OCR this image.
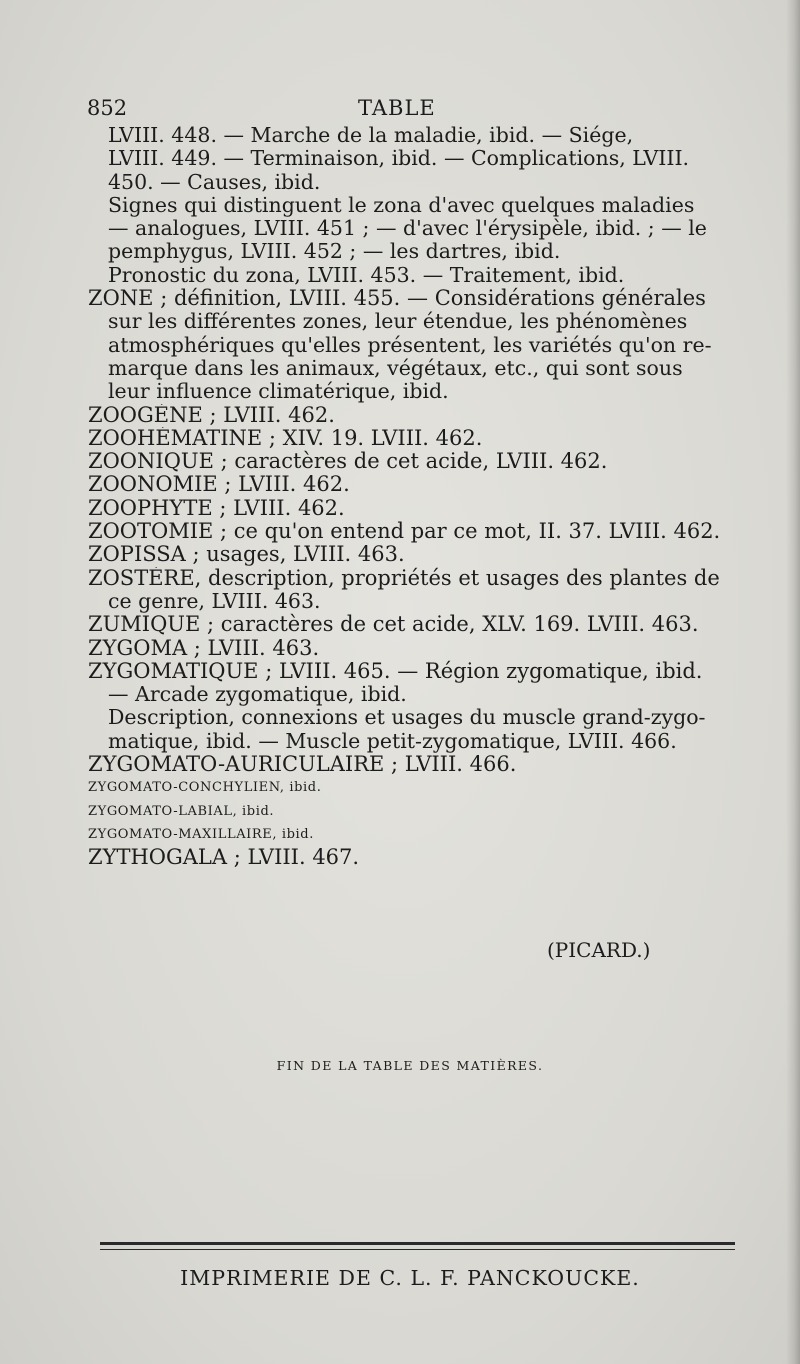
852	TABLE
LVIII. 448. — Marche de la maladie, ibid. — Siége,
LVIII. 449. — Terminaison, ibid. — Complications, LVIII.
450. — Causes, ibid.
Signes qui distinguent le zona d'avec quelques maladies
— analogues, LVIII. 451 ; — d'avec l'érysipèle, ibid. ; — le
pemphygus, LVIII. 452 ; — les dartres, ibid.
Pronostic du zona, LVIII. 453. — Traitement, ibid.
ZONE ; définition, LVIII. 455. — Considérations générales
sur les différentes zones, leur étendue, les phénomènes
atmosphériques qu'elles présentent, les variétés qu'on re-
marque dans les animaux, végétaux, etc., qui sont sous
leur influence climatérique, ibid.
ZOOGÈNE ; LVIII. 462.
ZOOHÉMATINE ; XIV. 19. LVIII. 462.
ZOONIQUE ; caractères de cet acide, LVIII. 462.
ZOONOMIE ; LVIII. 462.
ZOOPHYTE ; LVIII. 462.
ZOOTOMIE ; ce qu'on entend par ce mot, II. 37. LVIII. 462.
ZOPISSA ; usages, LVIII. 463.
ZOSTÈRE, description, propriétés et usages des plantes de
ce genre, LVIII. 463.
ZUMIQUE ; caractères de cet acide, XLV. 169. LVIII. 463.
ZYGOMA ; LVIII. 463.
ZYGOMATIQUE ; LVIII. 465. — Région zygomatique, ibid.
— Arcade zygomatique, ibid.
Description, connexions et usages du muscle grand-zygo-
matique, ibid. — Muscle petit-zygomatique, LVIII. 466.
ZYGOMATO-AURICULAIRE ; LVIII. 466.
ZYGOMATO-CONCHYLIEN, ibid.
ZYGOMATO-LABIAL, ibid.
ZYGOMATO-MAXILLAIRE, ibid.
ZYTHOGALA ; LVIII. 467.
(PICARD.)
FIN DE LA TABLE DES MATIÈRES.
IMPRIMERIE DE C. L. F. PANCKOUCKE.
